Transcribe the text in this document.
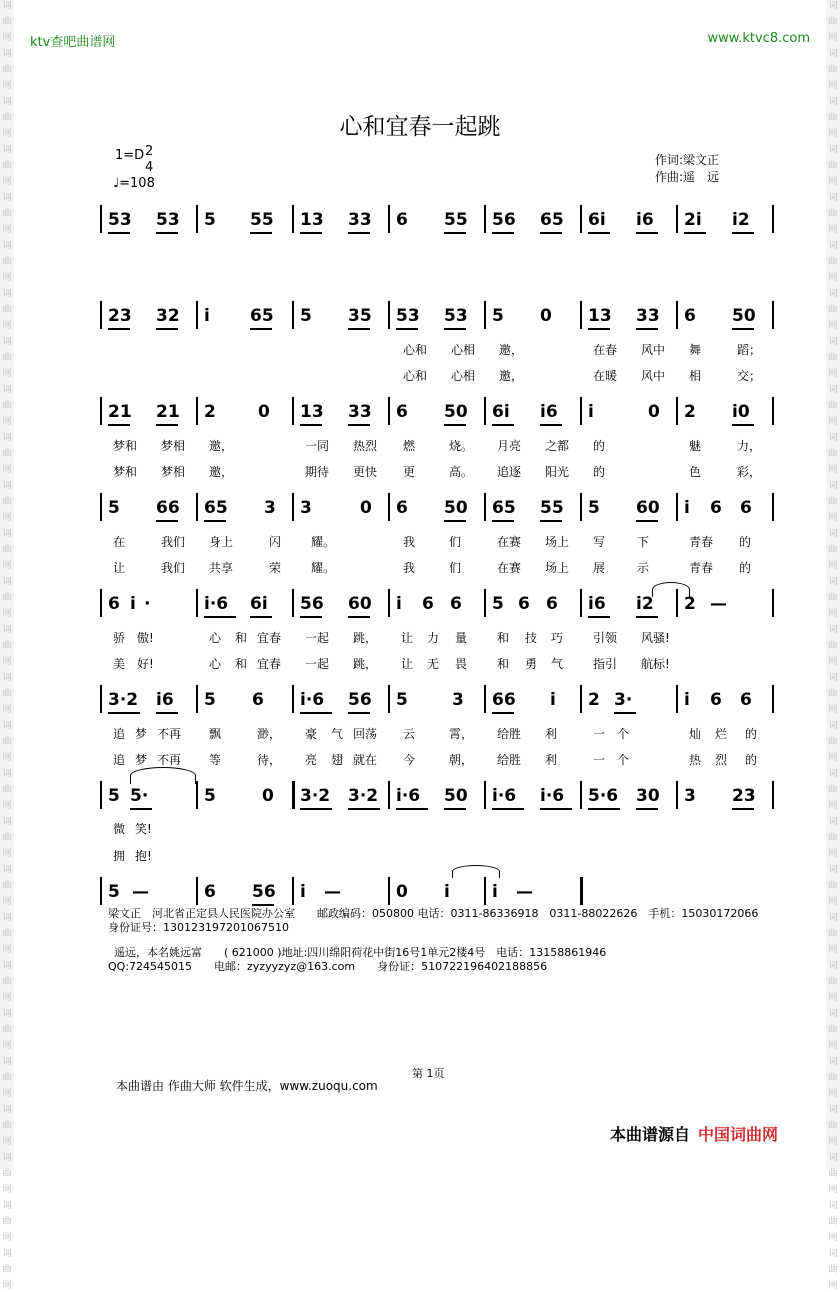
词
曲
网
词
曲
网
词
曲
网
词
曲
网
词
曲
网
词
曲
网
词
曲
网
词
曲
网
词
曲
网
词
曲
网
词
曲
网
词
曲
网
词
曲
网
词
曲
网
词
曲
网
词
曲
网
词
曲
网
词
曲
网
词
曲
网
词
曲
网
词
曲
网
词
曲
网
词
曲
网
词
曲
网
词
曲
网
词
曲
网
词
曲
网
词
曲
网
词
曲
网
词
曲
网
词
曲
网
词
曲
网
词
曲
网
词
曲
网
词
曲
网
词
曲
网
词
曲
网
词
曲
网
词
曲
网
词
曲
网
词
曲
网
词
曲
网
词
曲
网
词
曲
网
词
曲
网
词
曲
网
词
曲
网
词
曲
网
词
曲
网
词
曲
网
词
曲
网
词
曲
网
词
曲
网
词
曲
网
ktv查吧曲谱网	www.ktvc8.com
心和宜春一起跳
1=D 2
4
♩=108
作词:梁文正
作曲:遥　远
53 53 5 55 13 33 6 55 56 65 6i i6 2i i2
23 32 i 65 5 35 53 53 5 0 13 33 6 50
心和 心相 邀，	在春 风中 舞	蹈；
心和 心相 邀，	在暖 风中 相	交；
21 21 2 0 13 33 6 50 6i i6 i	0 2 i0
梦和 梦相 邀，	一同 热烈 燃	烧。 月亮 之都 的	魅	力，
梦和 梦相 邀，	期待 更快 更	高。 追逐 阳光 的	色	彩，
5 66 65 3 3	0 6 50 65 55 5 60 i 6 6
在	我们 身上	闪 耀。	我	们	在赛 场上 写	下	青春 的
让	我们 共享	荣 耀。	我	们	在赛 场上 展	示	青春 的
6 i ·	i·6 6i 56 60 i 6 6 5 6 6 i6 i2 2 —
骄 傲!	心 和 宜春 一起 跳， 让 力 量 和 技 巧 引领 风骚!
美 好!	心 和 宜春 一起 跳， 让 无 畏 和 勇 气 指引 航标!
3·2 i6 5 6 i·6 56 5	3 66 i 2 3·	i 6 6
追 梦 不再 飘	渺， 豪 气 回荡 云	霄， 给胜 利	一 个	灿 烂 的
追 梦 不再 等	待， 亮 翅 就在 今	朝， 给胜 利	一 个	热 烈 的
5 5·	5	0 3·2 3·2 i·6 50 i·6 i·6 5·6 30 3 23
微 笑!
拥 抱!
5 —	6 56 i —	0 i i —
梁文正　河北省正定县人民医院办公室　　邮政编码：050800 电话：0311-86336918　0311-88022626　手机：15030172066
身份证号：130123197201067510
遥远，本名姚远富　　( 621000 )地址:四川绵阳荷花中街16号1单元2楼4号　电话：13158861946
QQ:724545015　　电邮：zyzyyzyz@163.com　　身份证：510722196402188856
第 1页
本曲谱由 作曲大师 软件生成，www.zuoqu.com
本曲谱源自 中国词曲网
